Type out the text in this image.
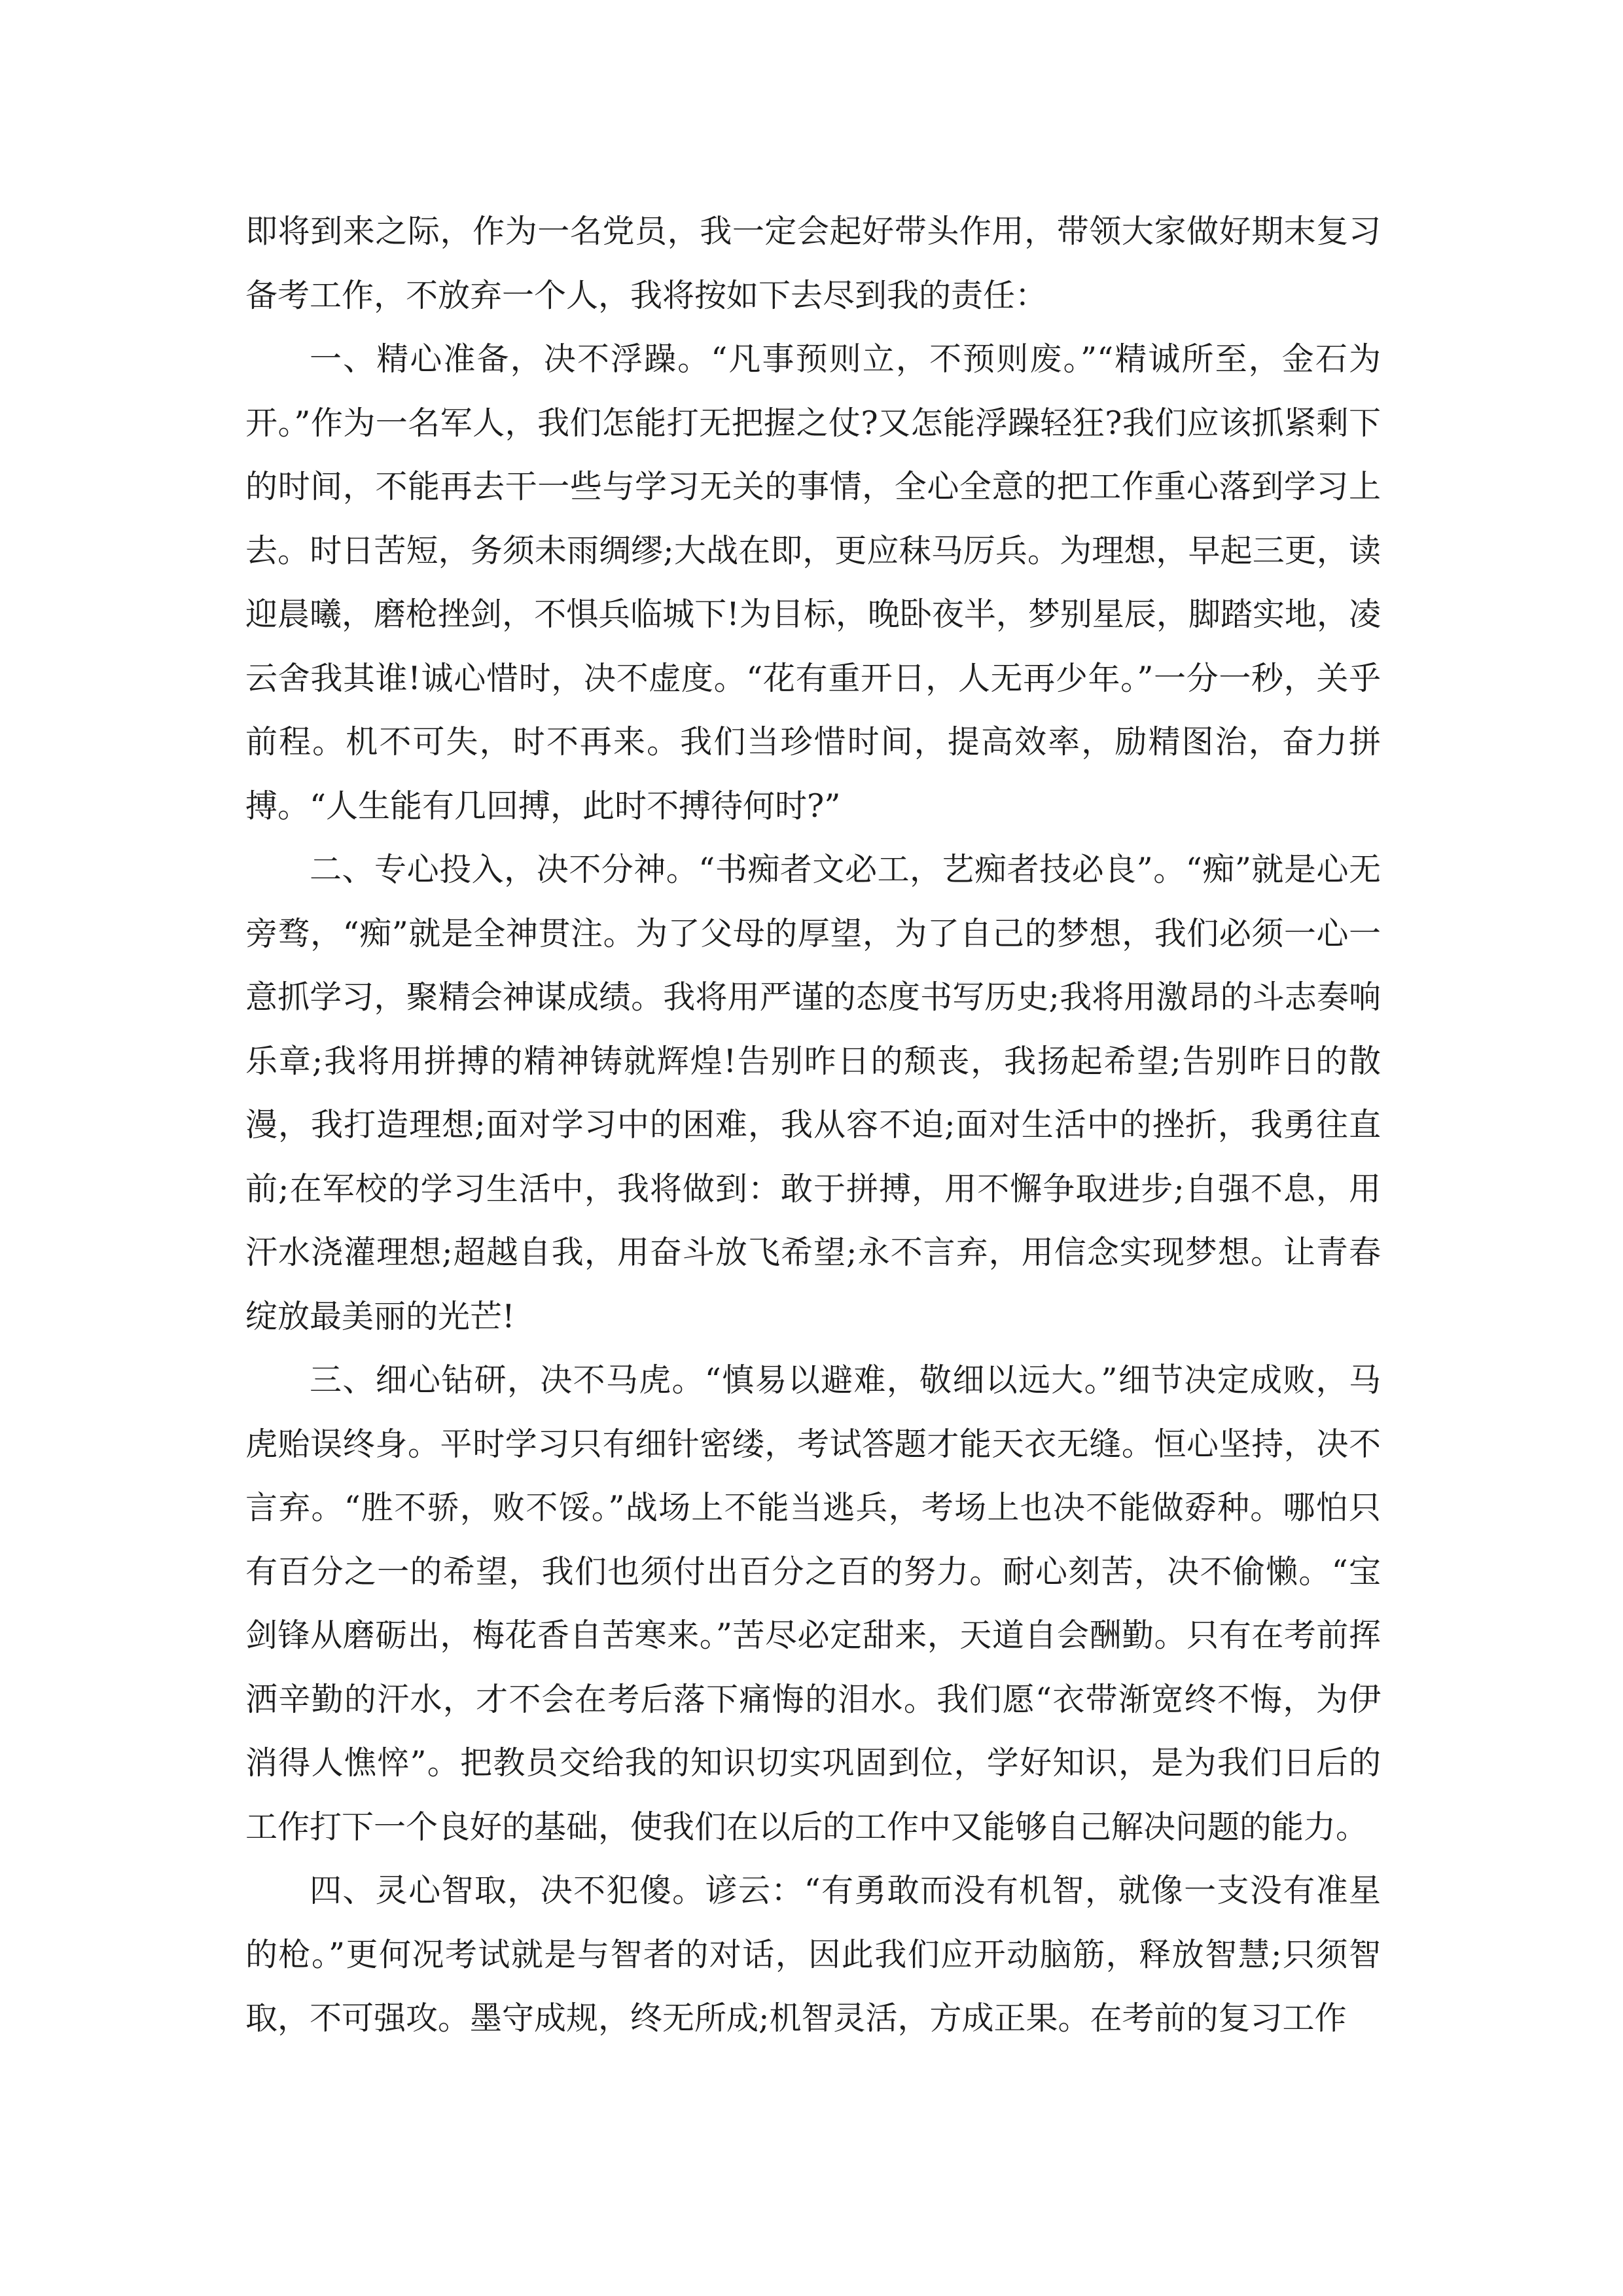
即将到来之际，作为一名党员，我一定会起好带头作用，带领大家做好期末复习备考工作，不放弃一个人，我将按如下去尽到我的责任：

一、精心准备，决不浮躁。“凡事预则立，不预则废。”“精诚所至，金石为开。”作为一名军人，我们怎能打无把握之仗?又怎能浮躁轻狂?我们应该抓紧剩下的时间，不能再去干一些与学习无关的事情，全心全意的把工作重心落到学习上去。时日苦短，务须未雨绸缪;大战在即，更应秣马厉兵。为理想，早起三更，读迎晨曦，磨枪挫剑，不惧兵临城下!为目标，晚卧夜半，梦别星辰，脚踏实地，凌云舍我其谁!诚心惜时，决不虚度。“花有重开日，人无再少年。”一分一秒，关乎前程。机不可失，时不再来。我们当珍惜时间，提高效率，励精图治，奋力拼搏。“人生能有几回搏，此时不搏待何时?”

二、专心投入，决不分神。“书痴者文必工，艺痴者技必良”。“痴”就是心无旁骛，“痴”就是全神贯注。为了父母的厚望，为了自己的梦想，我们必须一心一意抓学习，聚精会神谋成绩。我将用严谨的态度书写历史;我将用激昂的斗志奏响乐章;我将用拼搏的精神铸就辉煌!告别昨日的颓丧，我扬起希望;告别昨日的散漫，我打造理想;面对学习中的困难，我从容不迫;面对生活中的挫折，我勇往直前;在军校的学习生活中，我将做到：敢于拼搏，用不懈争取进步;自强不息，用汗水浇灌理想;超越自我，用奋斗放飞希望;永不言弃，用信念实现梦想。让青春绽放最美丽的光芒!

三、细心钻研，决不马虎。“慎易以避难，敬细以远大。”细节决定成败，马虎贻误终身。平时学习只有细针密缕，考试答题才能天衣无缝。恒心坚持，决不言弃。“胜不骄，败不馁。”战场上不能当逃兵，考场上也决不能做孬种。哪怕只有百分之一的希望，我们也须付出百分之百的努力。耐心刻苦，决不偷懒。“宝剑锋从磨砺出，梅花香自苦寒来。”苦尽必定甜来，天道自会酬勤。只有在考前挥洒辛勤的汗水，才不会在考后落下痛悔的泪水。我们愿“衣带渐宽终不悔，为伊消得人憔悴”。把教员交给我的知识切实巩固到位，学好知识，是为我们日后的工作打下一个良好的基础，使我们在以后的工作中又能够自己解决问题的能力。

四、灵心智取，决不犯傻。谚云：“有勇敢而没有机智，就像一支没有准星的枪。”更何况考试就是与智者的对话，因此我们应开动脑筋，释放智慧;只须智取，不可强攻。墨守成规，终无所成;机智灵活，方成正果。在考前的复习工作
